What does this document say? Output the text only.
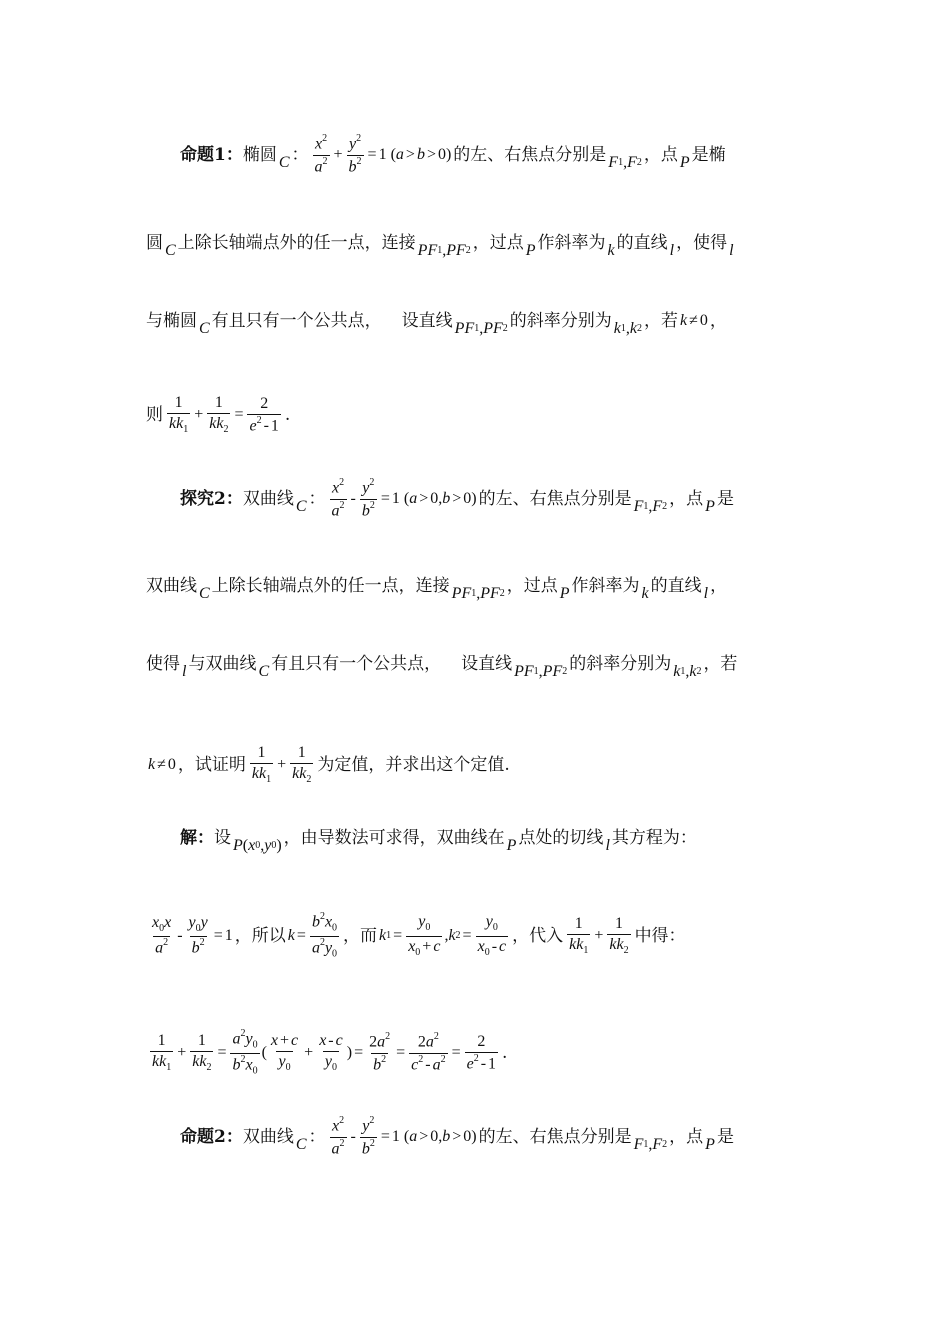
命题1： 椭圆 C ： $\frac{x^2}{a^2} + \frac{y^2}{b^2} = 1$
( a > b > 0) 的左、右焦点分别是 F 1 , F 2 ，点 P 是椭
圆 C 上除长轴端点外的任一点，连接 PF 1 , PF 2 ，过点 P 作斜率为 k 的直线 l ，使得 l
与椭圆 C 有且只有一个公共点， 设直线 PF 1 , PF 2 的斜率分别为 k 1 , k 2 ，若 k ≠ 0 ，
则 $\frac{1}{kk_1} + \frac{1}{kk_2} = \frac{2}{e^2 - 1}$ .
探究2： 双曲线 C ： $\frac{x^2}{a^2} - \frac{y^2}{b^2} = 1$
( a > 0, b > 0) 的左、右焦点分别是 F 1 , F 2 ，点 P 是
双曲线 C 上除长轴端点外的任一点，连接 PF 1 , PF 2 ，过点 P 作斜率为 k 的直线 l ，
使得 l 与双曲线 C 有且只有一个公共点， 设直线 PF 1 , PF 2 的斜率分别为 k 1 , k 2 ，若
k ≠ 0 ，试证明 $\frac{1}{kk_1} + \frac{1}{kk_2}$ 为定值，并求出这个定值.
解： 设 P ( x 0 , y 0 ) ，由导数法可求得，双曲线在 P 点处的切线 l 其方程为：
$\frac{x_0x}{a^2} - \frac{y_0y}{b^2} = 1$ ，所以 $k = \frac{b^2x_0}{a^2y_0}$ ，而 k $1 = \frac{y_0}{x_0 + c}$ , k $2 = \frac{y_0}{x_0 - c}$ ，代入 $\frac{1}{kk_1} + \frac{1}{kk_2}$ 中得：
$\frac{1}{kk_1} + \frac{1}{kk_2} = \frac{a^2y_0}{b^2x_0}$ ( $\frac{x + c}{y_0} + \frac{x - c}{y_0}$ ) = $\frac{2a^2}{b^2} = \frac{2a^2}{c^2 - a^2} = \frac{2}{e^2 - 1}$ .
命题2： 双曲线 C ： $\frac{x^2}{a^2} - \frac{y^2}{b^2} = 1$
( a > 0, b > 0) 的左、右焦点分别是 F 1 , F 2 ，点 P 是
